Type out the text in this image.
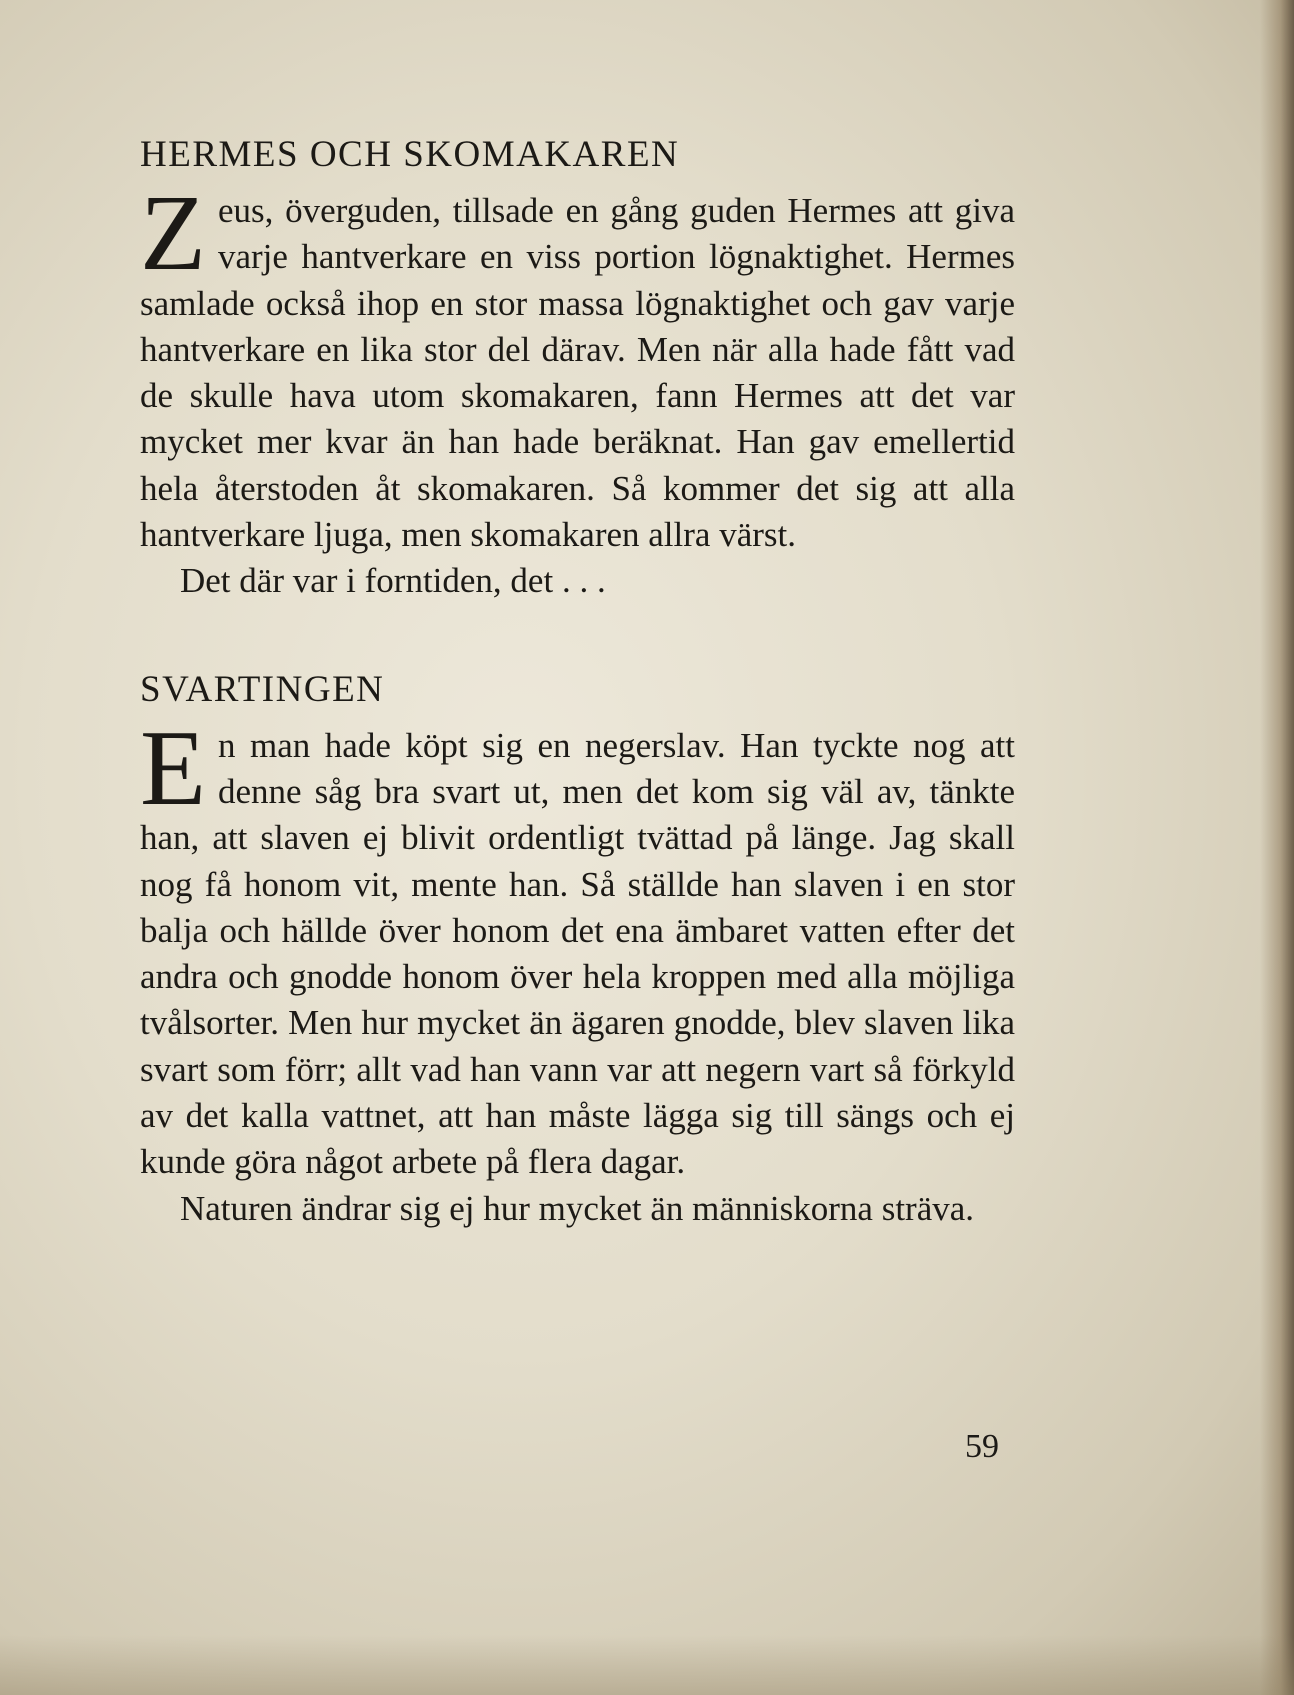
HERMES OCH SKOMAKAREN

Zeus, överguden, tillsade en gång guden Hermes att giva varje hantverkare en viss portion lögnaktighet. Hermes samlade också ihop en stor massa lögnaktighet och gav varje hantverkare en lika stor del därav. Men när alla hade fått vad de skulle hava utom skomakaren, fann Hermes att det var mycket mer kvar än han hade beräknat. Han gav emellertid hela återstoden åt skomakaren. Så kommer det sig att alla hantverkare ljuga, men skomakaren allra värst.

Det där var i forntiden, det . . .

SVARTINGEN

En man hade köpt sig en negerslav. Han tyckte nog att denne såg bra svart ut, men det kom sig väl av, tänkte han, att slaven ej blivit ordentligt tvättad på länge. Jag skall nog få honom vit, mente han. Så ställde han slaven i en stor balja och hällde över honom det ena ämbaret vatten efter det andra och gnodde honom över hela kroppen med alla möjliga tvålsorter. Men hur mycket än ägaren gnodde, blev slaven lika svart som förr; allt vad han vann var att negern vart så förkyld av det kalla vattnet, att han måste lägga sig till sängs och ej kunde göra något arbete på flera dagar.

Naturen ändrar sig ej hur mycket än människorna sträva.

59
